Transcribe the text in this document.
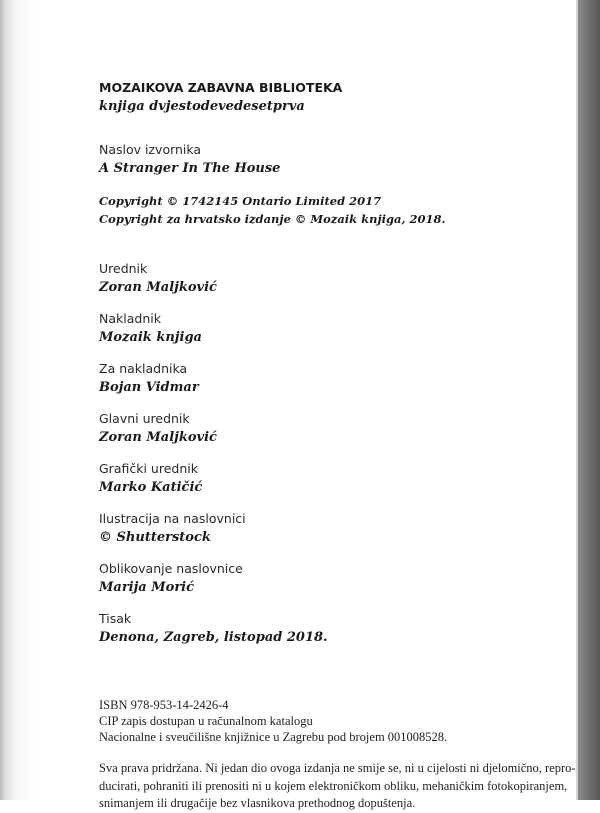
MOZAIKOVA ZABAVNA BIBLIOTEKA
knjiga dvjestodevedesetprva
Naslov izvornika
A Stranger In The House
Copyright © 1742145 Ontario Limited 2017
Copyright za hrvatsko izdanje © Mozaik knjiga, 2018.
Urednik
Zoran Maljković
Nakladnik
Mozaik knjiga
Za nakladnika
Bojan Vidmar
Glavni urednik
Zoran Maljković
Grafički urednik
Marko Katičić
Ilustracija na naslovnici
© Shutterstock
Oblikovanje naslovnice
Marija Morić
Tisak
Denona, Zagreb, listopad 2018.
ISBN 978-953-14-2426-4
CIP zapis dostupan u računalnom katalogu
Nacionalne i sveučilišne knjižnice u Zagrebu pod brojem 001008528.
Sva prava pridržana. Ni jedan dio ovoga izdanja ne smije se, ni u cijelosti ni djelomično, repro-
ducirati, pohraniti ili prenositi ni u kojem elektroničkom obliku, mehaničkim fotokopiranjem,
snimanjem ili drugačije bez vlasnikova prethodnog dopuštenja.
